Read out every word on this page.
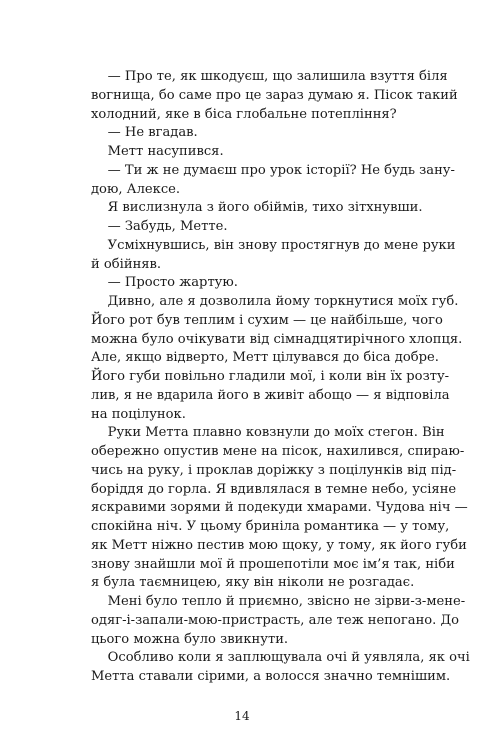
— Про те, як шкодуєш, що залишила взуття біля
вогнища, бо саме про це зараз думаю я. Пісок такий
холодний, яке в біса глобальне потепління?
— Не вгадав.
Метт насупився.
— Ти ж не думаєш про урок історії? Не будь зану-
дою, Алексе.
Я вислизнула з його обіймів, тихо зітхнувши.
— Забудь, Метте.
Усміхнувшись, він знову простягнув до мене руки
й обійняв.
— Просто жартую.
Дивно, але я дозволила йому торкнутися моїх губ.
Його рот був теплим і сухим — це найбільше, чого
можна було очікувати від сімнадцятирічного хлопця.
Але, якщо відверто, Метт цілувався до біса добре.
Його губи повільно гладили мої, і коли він їх розту-
лив, я не вдарила його в живіт абощо — я відповіла
на поцілунок.
Руки Метта плавно ковзнули до моїх стегон. Він
обережно опустив мене на пісок, нахилився, спираю-
чись на руку, і проклав доріжку з поцілунків від під-
боріддя до горла. Я вдивлялася в темне небо, усіяне
яскравими зорями й подекуди хмарами. Чудова ніч —
спокійна ніч. У цьому бриніла романтика — у тому,
як Метт ніжно пестив мою щоку, у тому, як його губи
знову знайшли мої й прошепотіли моє ім’я так, ніби
я була таємницею, яку він ніколи не розгадає.
Мені було тепло й приємно, звісно не зірви-з-мене-
одяг-і-запали-мою-пристрасть, але теж непогано. До
цього можна було звикнути.
Особливо коли я заплющувала очі й уявляла, як очі
Метта ставали сірими, а волосся значно темнішим.
14
